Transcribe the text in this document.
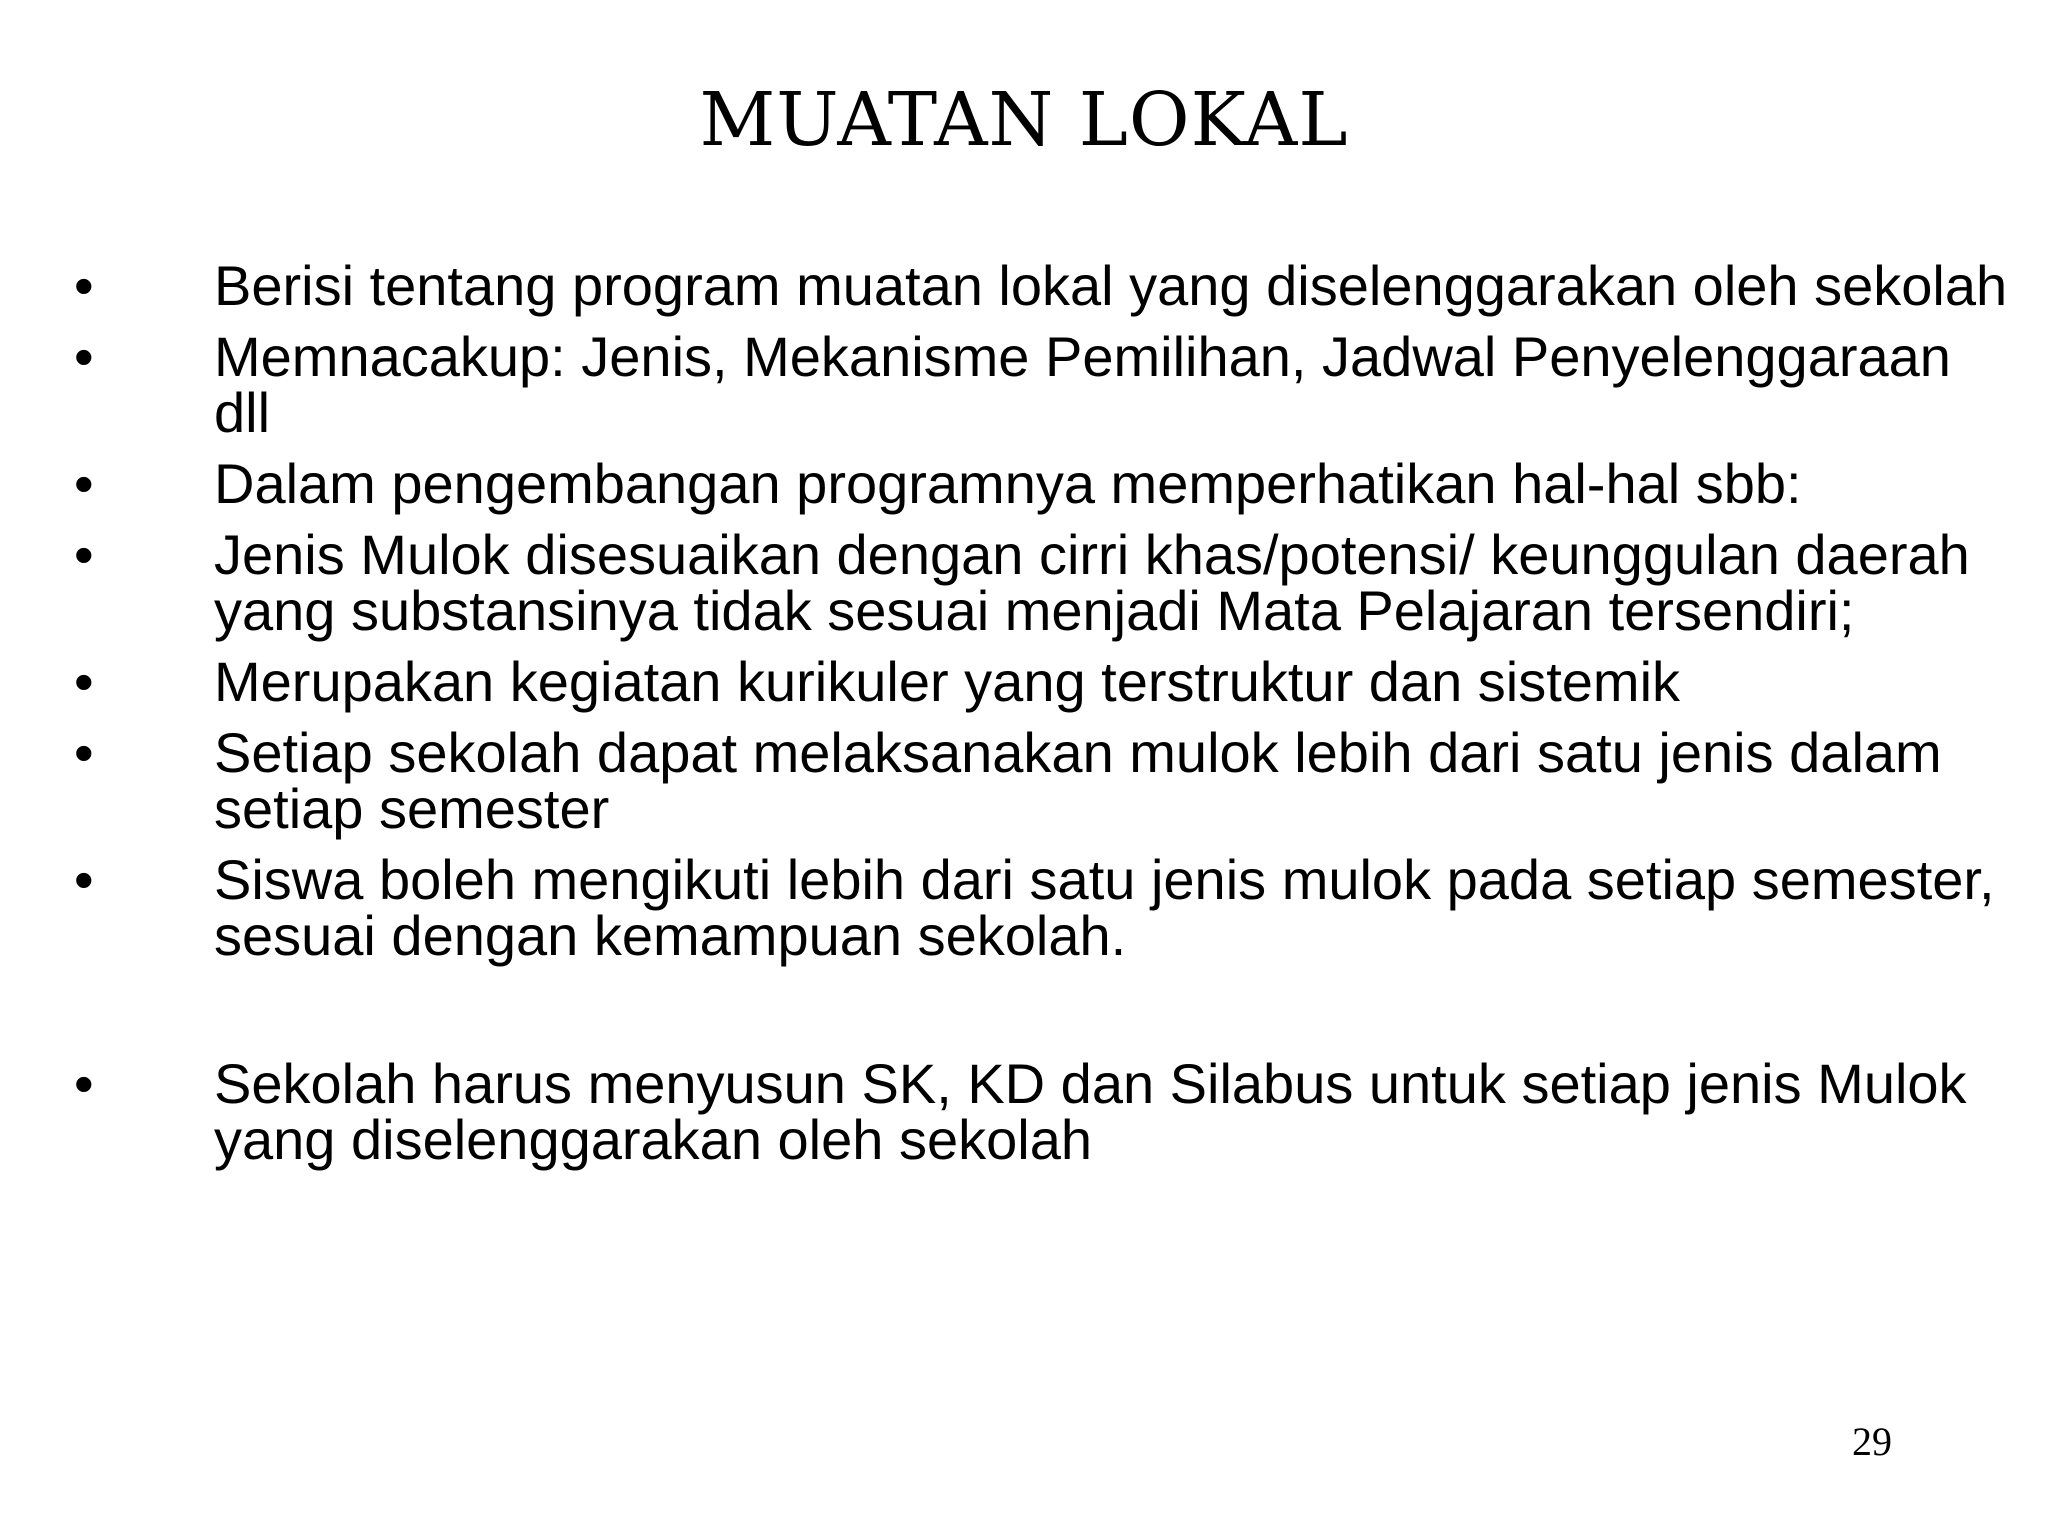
MUATAN LOKAL
• Berisi tentang program muatan lokal yang diselenggarakan oleh sekolah
• Memnacakup: Jenis, Mekanisme Pemilihan, Jadwal Penyelenggaraan dll
• Dalam pengembangan programnya memperhatikan hal-hal sbb:
• Jenis Mulok disesuaikan dengan cirri khas/potensi/ keunggulan daerah yang substansinya tidak sesuai menjadi Mata Pelajaran tersendiri;
• Merupakan kegiatan kurikuler yang terstruktur dan sistemik
• Setiap sekolah dapat melaksanakan mulok lebih dari satu jenis dalam setiap semester
• Siswa boleh mengikuti lebih dari satu jenis mulok pada setiap semester, sesuai dengan kemampuan sekolah.
• Sekolah harus menyusun SK, KD dan Silabus untuk setiap jenis Mulok yang diselenggarakan oleh sekolah
29
